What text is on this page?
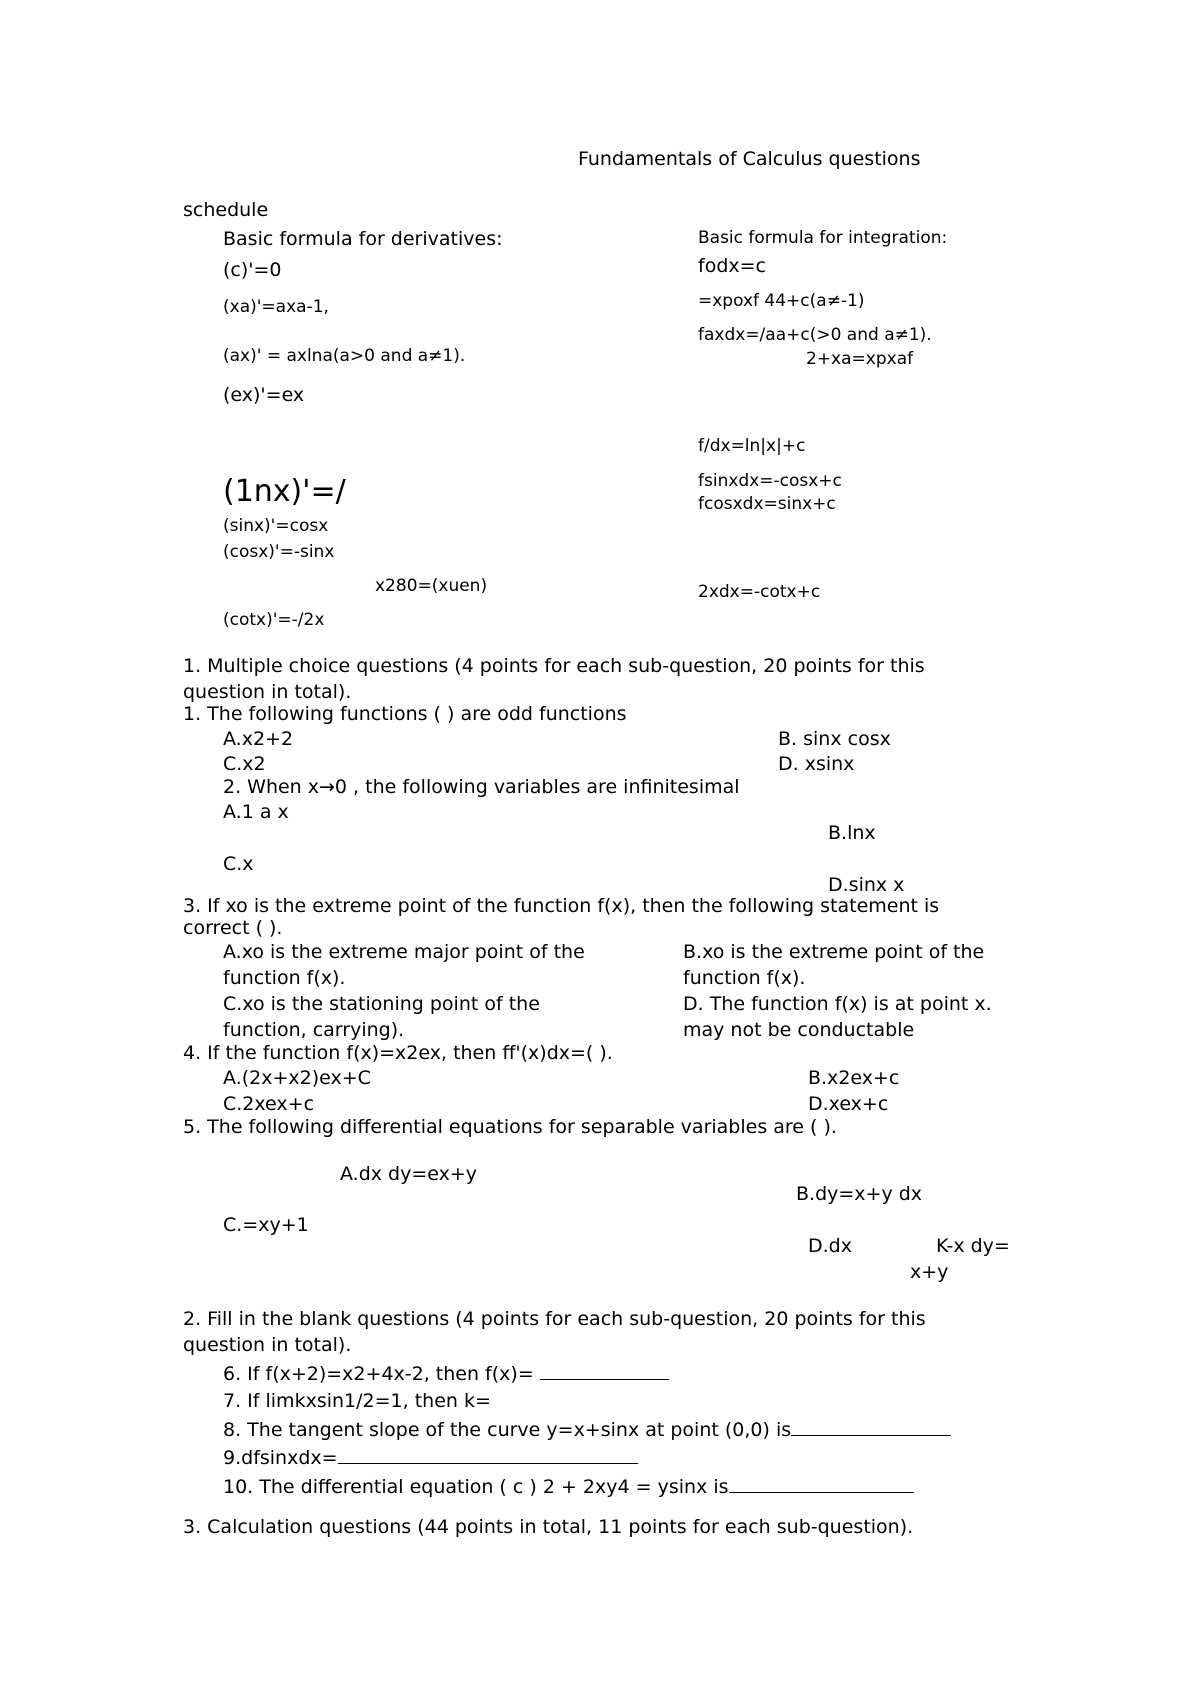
Fundamentals of Calculus questions
schedule
Basic formula for derivatives:
(c)'=0
(xa)'=axa-1,
(ax)' = axlna(a>0 and a≠1).
(ex)'=ex
(1nx)'=/
(sinx)'=cosx
(cosx)'=-sinx
x280=(xuen)
(cotx)'=-/2x
Basic formula for integration:
fodx=c
=xpoxf 44+c(a≠-1)
faxdx=/aa+c(>0 and a≠1).
2+xa=xpxaf
f/dx=ln|x|+c
fsinxdx=-cosx+c
fcosxdx=sinx+c
2xdx=-cotx+c
1. Multiple choice questions (4 points for each sub-question, 20 points for this
question in total).
1. The following functions ( ) are odd functions
A.x2+2	B. sinx cosx
C.x2	D. xsinx
2. When x→0 , the following variables are infinitesimal
A.1 a x
B.lnx
C.x
D.sinx x
3. If xo is the extreme point of the function f(x), then the following statement is
correct ( ).
A.xo is the extreme major point of the
function f(x).
B.xo is the extreme point of the
function f(x).
C.xo is the stationing point of the
function, carrying).
D. The function f(x) is at point x.
may not be conductable
4. If the function f(x)=x2ex, then ff'(x)dx=( ).
A.(2x+x2)ex+C	B.x2ex+c
C.2xex+c	D.xex+c
5. The following differential equations for separable variables are ( ).
A.dx dy=ex+y
B.dy=x+y dx
C.=xy+1
D.dx	K-x dy=
x+y
2. Fill in the blank questions (4 points for each sub-question, 20 points for this
question in total).
6. If f(x+2)=x2+4x-2, then f(x)=
7. If limkxsin1/2=1, then k=
8. The tangent slope of the curve y=x+sinx at point (0,0) is
9.dfsinxdx=
10. The differential equation ( c ) 2 + 2xy4 = ysinx is
3. Calculation questions (44 points in total, 11 points for each sub-question).
